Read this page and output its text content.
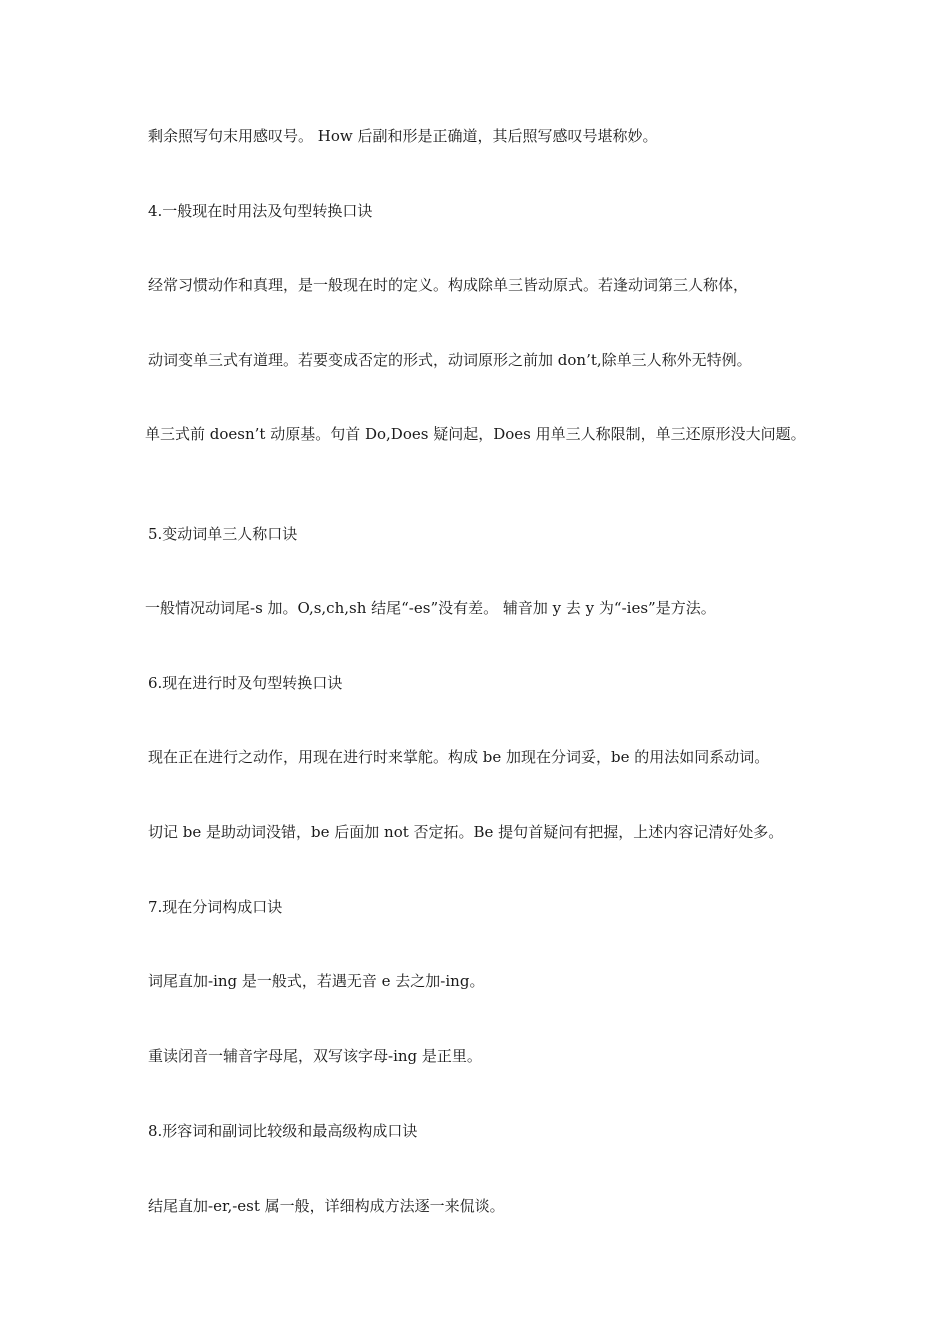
剩余照写句末用感叹号。 How 后副和形是正确道，其后照写感叹号堪称妙。
4.一般现在时用法及句型转换口诀
经常习惯动作和真理，是一般现在时的定义。构成除单三皆动原式。若逢动词第三人称体，
动词变单三式有道理。若要变成否定的形式，动词原形之前加 don’t,除单三人称外无特例。
单三式前 doesn’t 动原基。句首 Do,Does 疑问起，Does 用单三人称限制，单三还原形没大问题。
5.变动词单三人称口诀
一般情况动词尾-s 加。O,s,ch,sh 结尾“-es”没有差。 辅音加 y 去 y 为“-ies”是方法。
6.现在进行时及句型转换口诀
现在正在进行之动作，用现在进行时来掌舵。构成 be 加现在分词妥，be 的用法如同系动词。
切记 be 是助动词没错，be 后面加 not 否定拓。Be 提句首疑问有把握，上述内容记清好处多。
7.现在分词构成口诀
词尾直加-ing 是一般式，若遇无音 e 去之加-ing。
重读闭音一辅音字母尾，双写该字母-ing 是正里。
8.形容词和副词比较级和最高级构成口诀
结尾直加-er,-est 属一般，详细构成方法逐一来侃谈。
